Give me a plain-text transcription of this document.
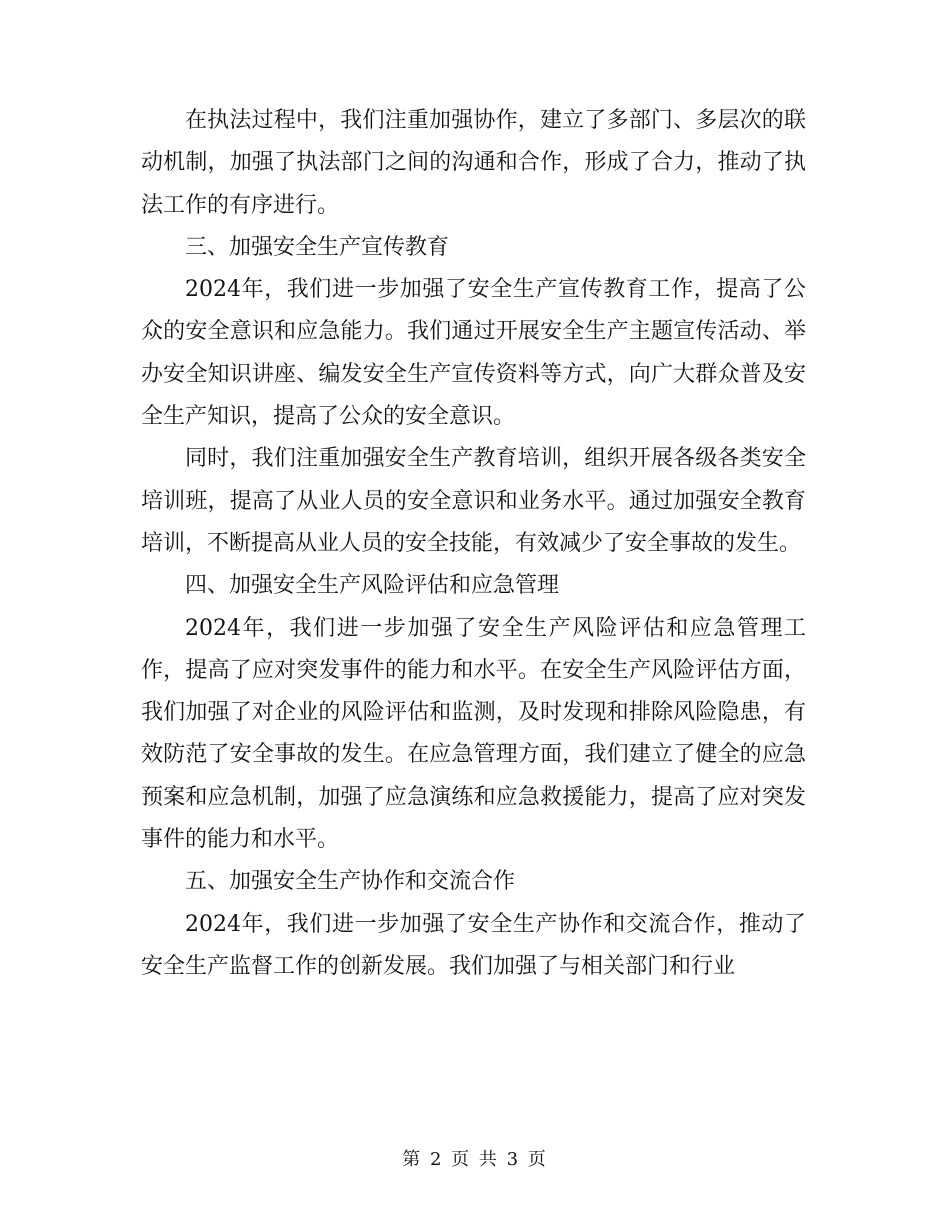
在执法过程中，我们注重加强协作，建立了多部门、多层次的联动机制，加强了执法部门之间的沟通和合作，形成了合力，推动了执法工作的有序进行。

三、加强安全生产宣传教育

2024年，我们进一步加强了安全生产宣传教育工作，提高了公众的安全意识和应急能力。我们通过开展安全生产主题宣传活动、举办安全知识讲座、编发安全生产宣传资料等方式，向广大群众普及安全生产知识，提高了公众的安全意识。

同时，我们注重加强安全生产教育培训，组织开展各级各类安全培训班，提高了从业人员的安全意识和业务水平。通过加强安全教育培训，不断提高从业人员的安全技能，有效减少了安全事故的发生。

四、加强安全生产风险评估和应急管理

2024年，我们进一步加强了安全生产风险评估和应急管理工作，提高了应对突发事件的能力和水平。在安全生产风险评估方面，我们加强了对企业的风险评估和监测，及时发现和排除风险隐患，有效防范了安全事故的发生。在应急管理方面，我们建立了健全的应急预案和应急机制，加强了应急演练和应急救援能力，提高了应对突发事件的能力和水平。

五、加强安全生产协作和交流合作

2024年，我们进一步加强了安全生产协作和交流合作，推动了安全生产监督工作的创新发展。我们加强了与相关部门和行业

第 2 页 共 3 页
